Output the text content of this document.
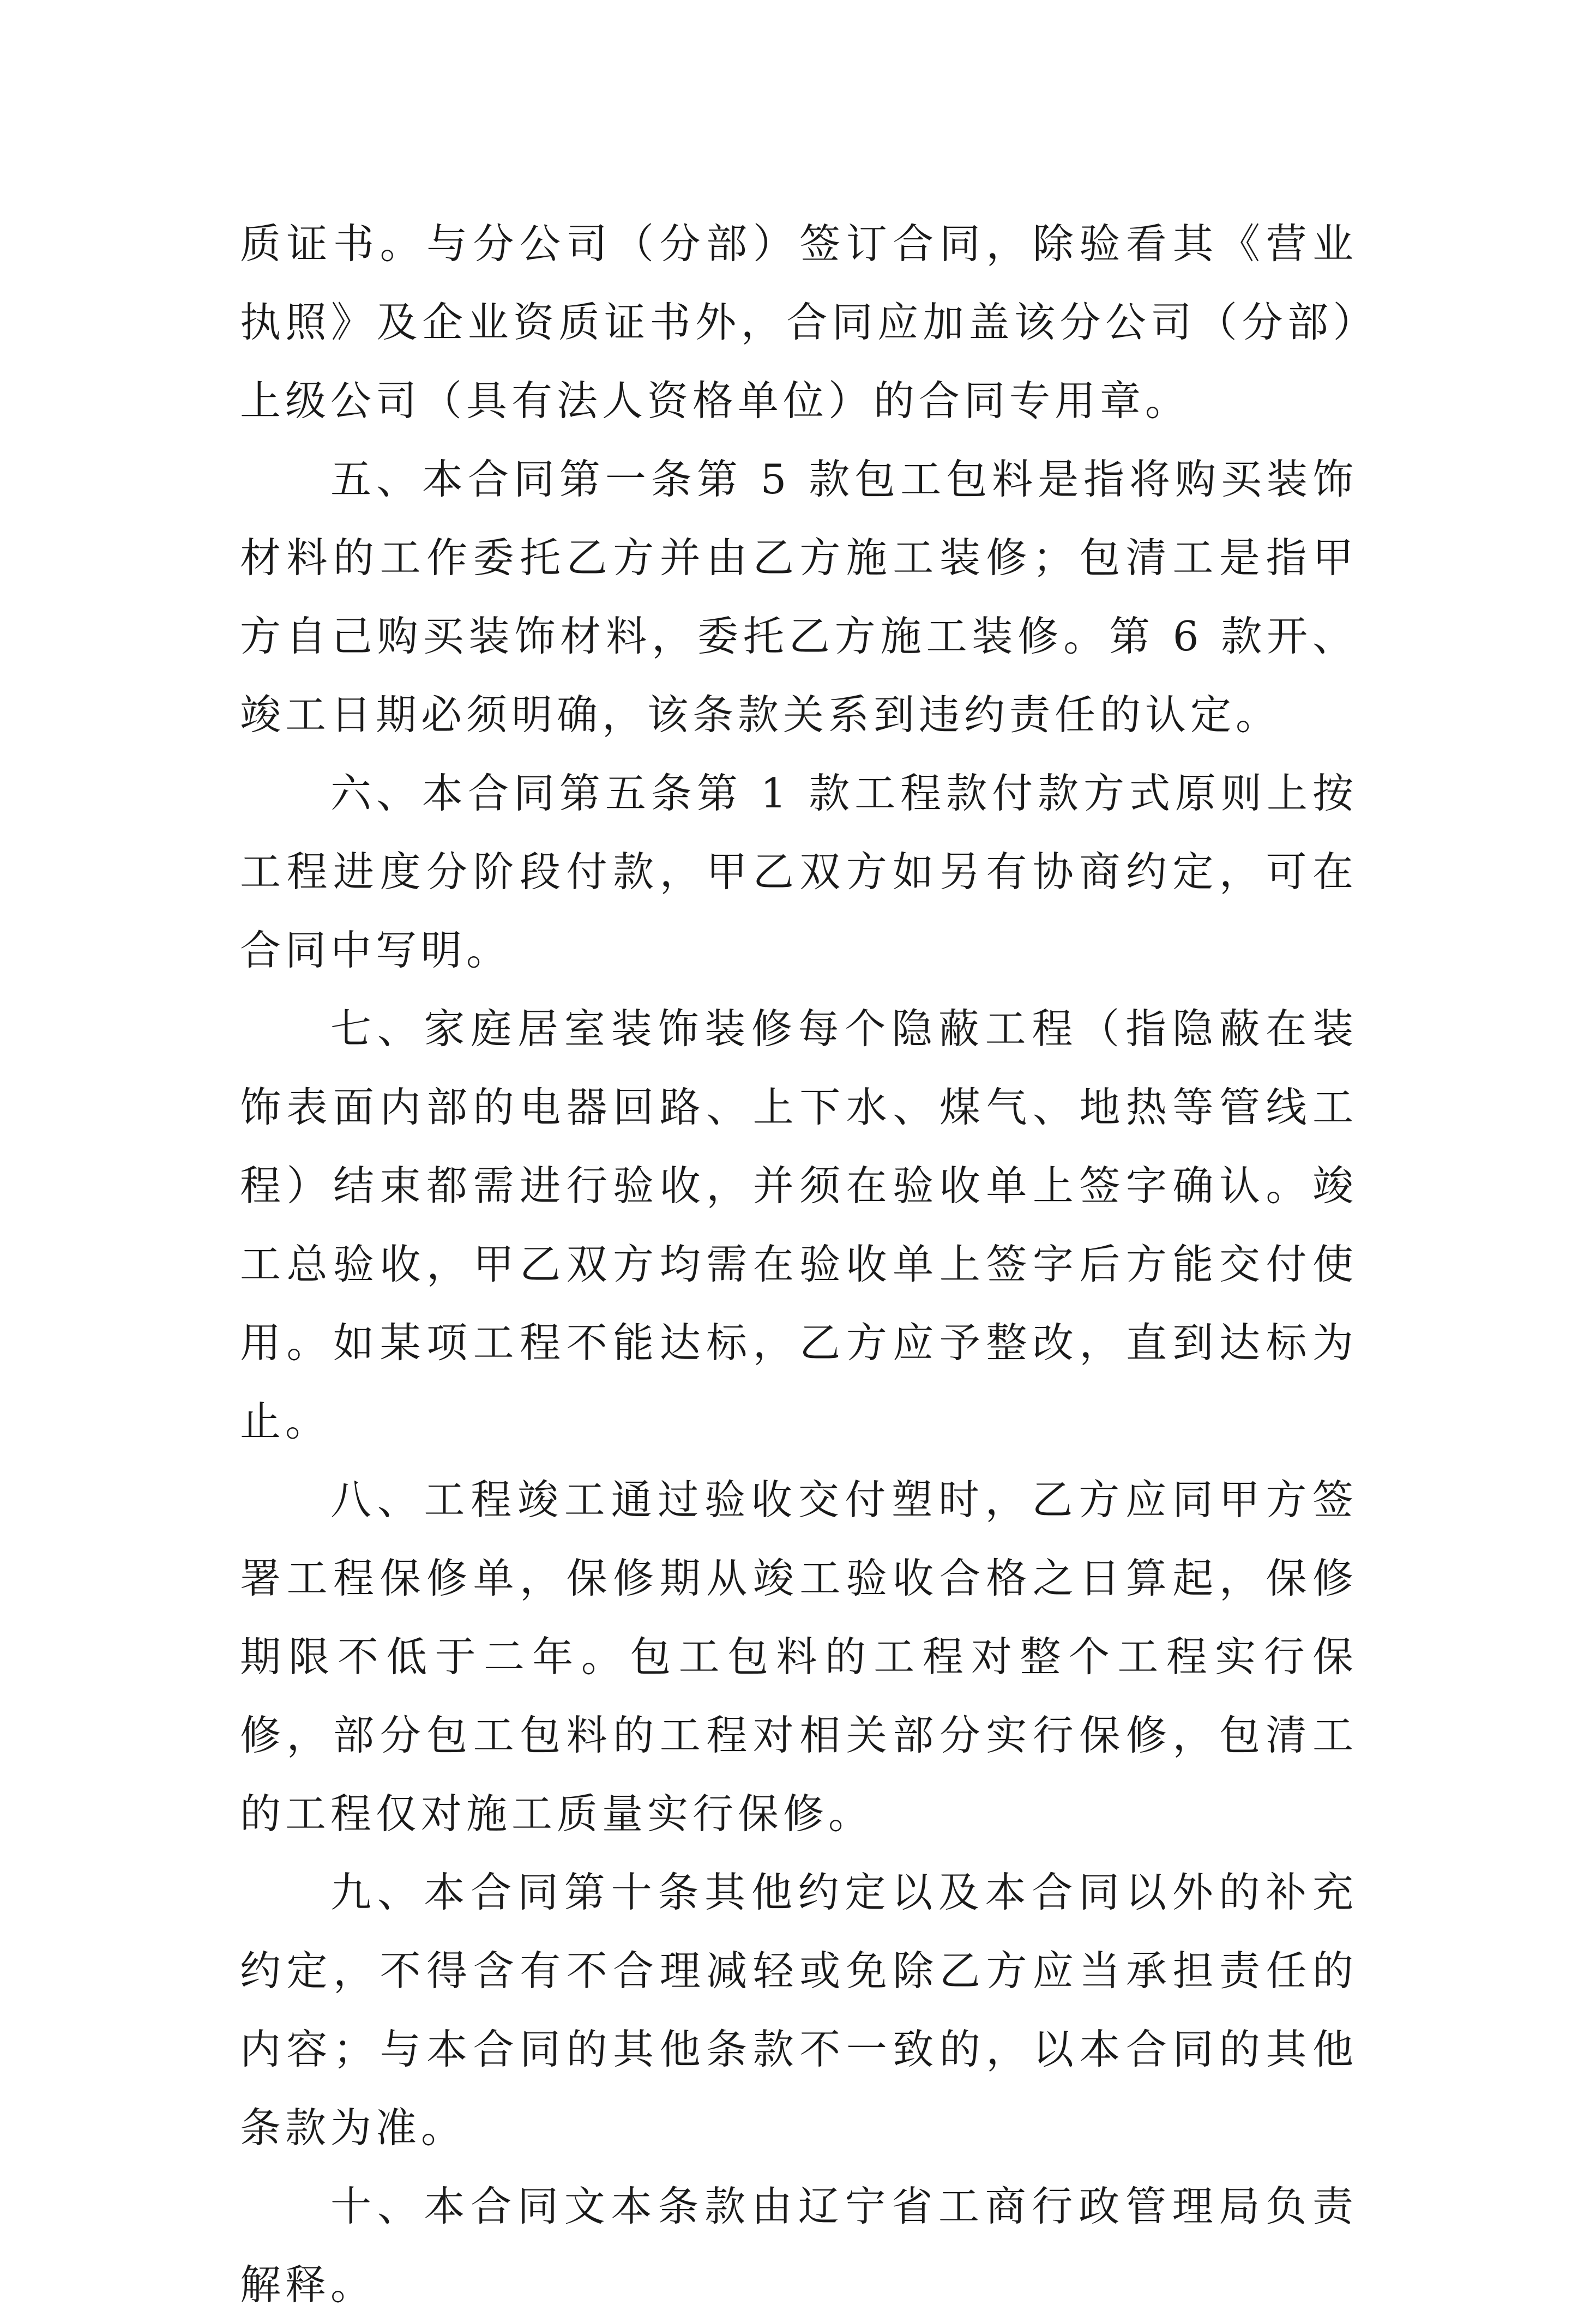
质证书。与分公司（分部）签订合同，除验看其《营业执照》及企业资质证书外，合同应加盖该分公司（分部）上级公司（具有法人资格单位）的合同专用章。

五、本合同第一条第 5 款包工包料是指将购买装饰材料的工作委托乙方并由乙方施工装修；包清工是指甲方自己购买装饰材料，委托乙方施工装修。第 6 款开、竣工日期必须明确，该条款关系到违约责任的认定。

六、本合同第五条第 1 款工程款付款方式原则上按工程进度分阶段付款，甲乙双方如另有协商约定，可在合同中写明。

七、家庭居室装饰装修每个隐蔽工程（指隐蔽在装饰表面内部的电器回路、上下水、煤气、地热等管线工程）结束都需进行验收，并须在验收单上签字确认。竣工总验收，甲乙双方均需在验收单上签字后方能交付使用。如某项工程不能达标，乙方应予整改，直到达标为止。

八、工程竣工通过验收交付塑时，乙方应同甲方签署工程保修单，保修期从竣工验收合格之日算起，保修期限不低于二年。包工包料的工程对整个工程实行保修，部分包工包料的工程对相关部分实行保修，包清工的工程仅对施工质量实行保修。

九、本合同第十条其他约定以及本合同以外的补充约定，不得含有不合理减轻或免除乙方应当承担责任的内容；与本合同的其他条款不一致的，以本合同的其他条款为准。

十、本合同文本条款由辽宁省工商行政管理局负责解释。
